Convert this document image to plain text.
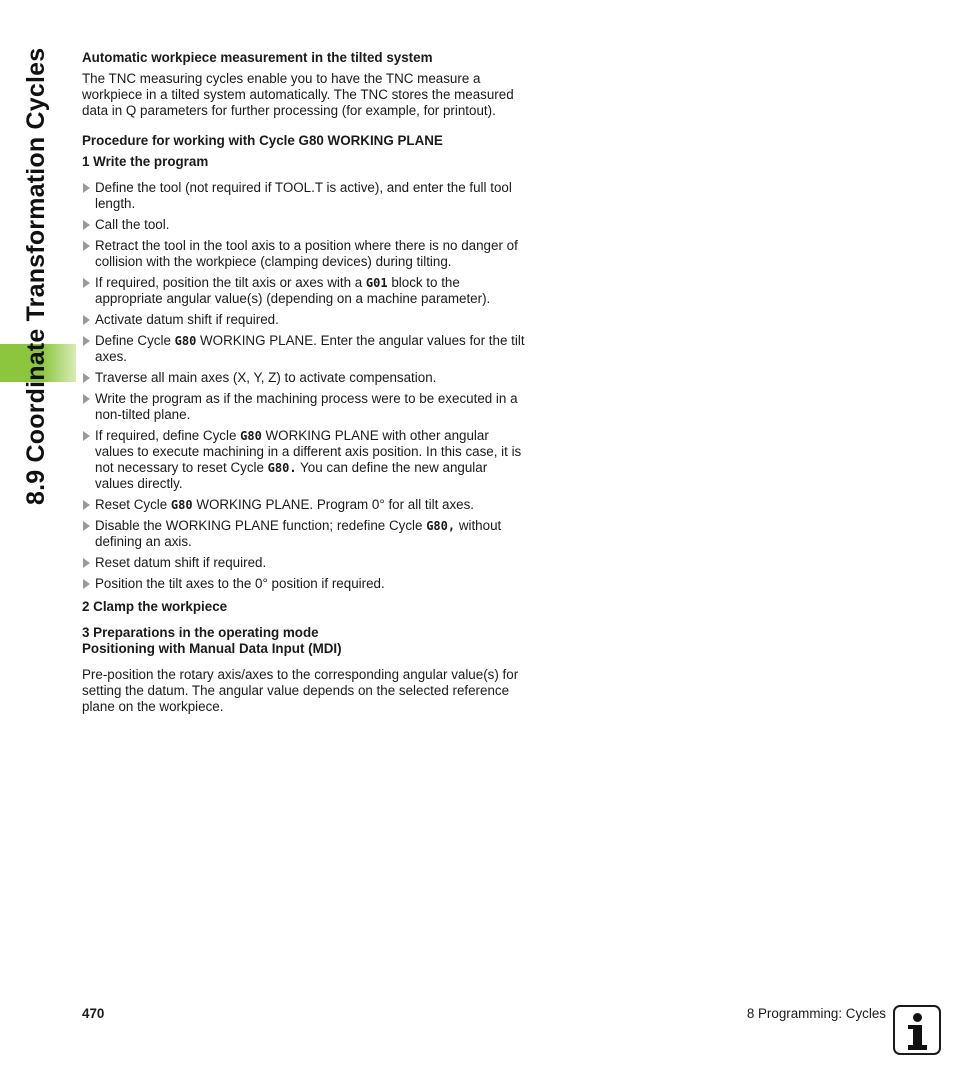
8.9 Coordinate Transformation Cycles Automatic workpiece measurement in the tilted system

The TNC measuring cycles enable you to have the TNC measure a workpiece in a tilted system automatically. The TNC stores the measured data in Q parameters for further processing (for example, for printout).

Procedure for working with Cycle G80 WORKING PLANE
1 Write the program
Define the tool (not required if TOOL.T is active), and enter the full tool length.
Call the tool.
Retract the tool in the tool axis to a position where there is no danger of collision with the workpiece (clamping devices) during tilting.
If required, position the tilt axis or axes with a G01 block to the appropriate angular value(s) (depending on a machine parameter).
Activate datum shift if required.
Define Cycle G80 WORKING PLANE. Enter the angular values for the tilt axes.
Traverse all main axes (X, Y, Z) to activate compensation.
Write the program as if the machining process were to be executed in a non-tilted plane.
If required, define Cycle G80 WORKING PLANE with other angular values to execute machining in a different axis position. In this case, it is not necessary to reset Cycle G80. You can define the new angular values directly.
Reset Cycle G80 WORKING PLANE. Program 0° for all tilt axes.
Disable the WORKING PLANE function; redefine Cycle G80, without defining an axis.
Reset datum shift if required.
Position the tilt axes to the 0° position if required.
2 Clamp the workpiece
3 Preparations in the operating mode
Positioning with Manual Data Input (MDI)

Pre-position the rotary axis/axes to the corresponding angular value(s) for setting the datum. The angular value depends on the selected reference plane on the workpiece.

470	8 Programming: Cycles
